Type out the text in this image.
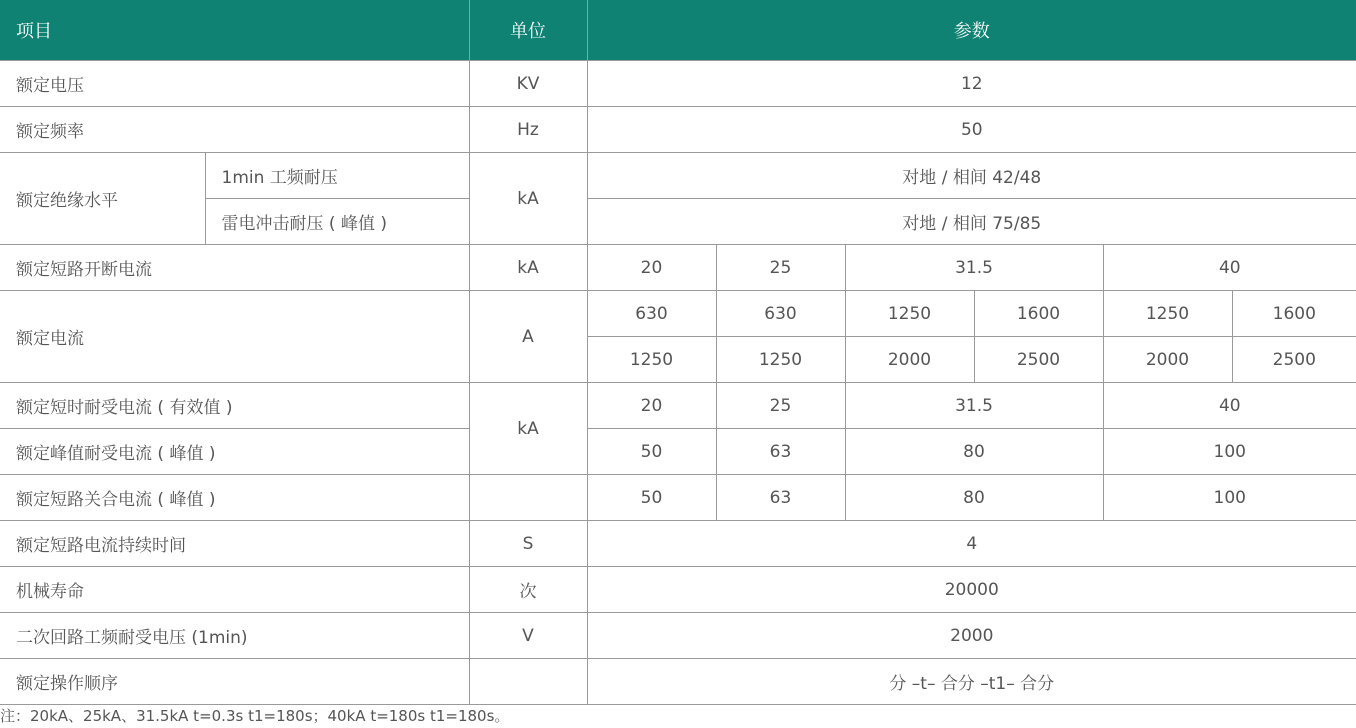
项目		单位	参数					
额定电压		KV	12					
额定频率		Hz	50					
额定绝缘水平	1min 工频耐压	kA	对地 / 相间 42/48					
	雷电冲击耐压 ( 峰值 )		对地 / 相间 75/85					
额定短路开断电流		kA	20	25	31.5		40	
额定电流		A	630	630	1250	1600	1250	1600
			1250	1250	2000	2500	2000	2500
额定短时耐受电流 ( 有效值 )		kA	20	25	31.5		40	
额定峰值耐受电流 ( 峰值 )			50	63	80		100	
额定短路关合电流 ( 峰值 )			50	63	80		100	
额定短路电流持续时间		S	4					
机械寿命		次	20000					
二次回路工频耐受电压 (1min)		V	2000					
额定操作顺序			分 –t– 合分 –t1– 合分					
注：20kA、25kA、31.5kA t=0.3s t1=180s；40kA t=180s t1=180s。
